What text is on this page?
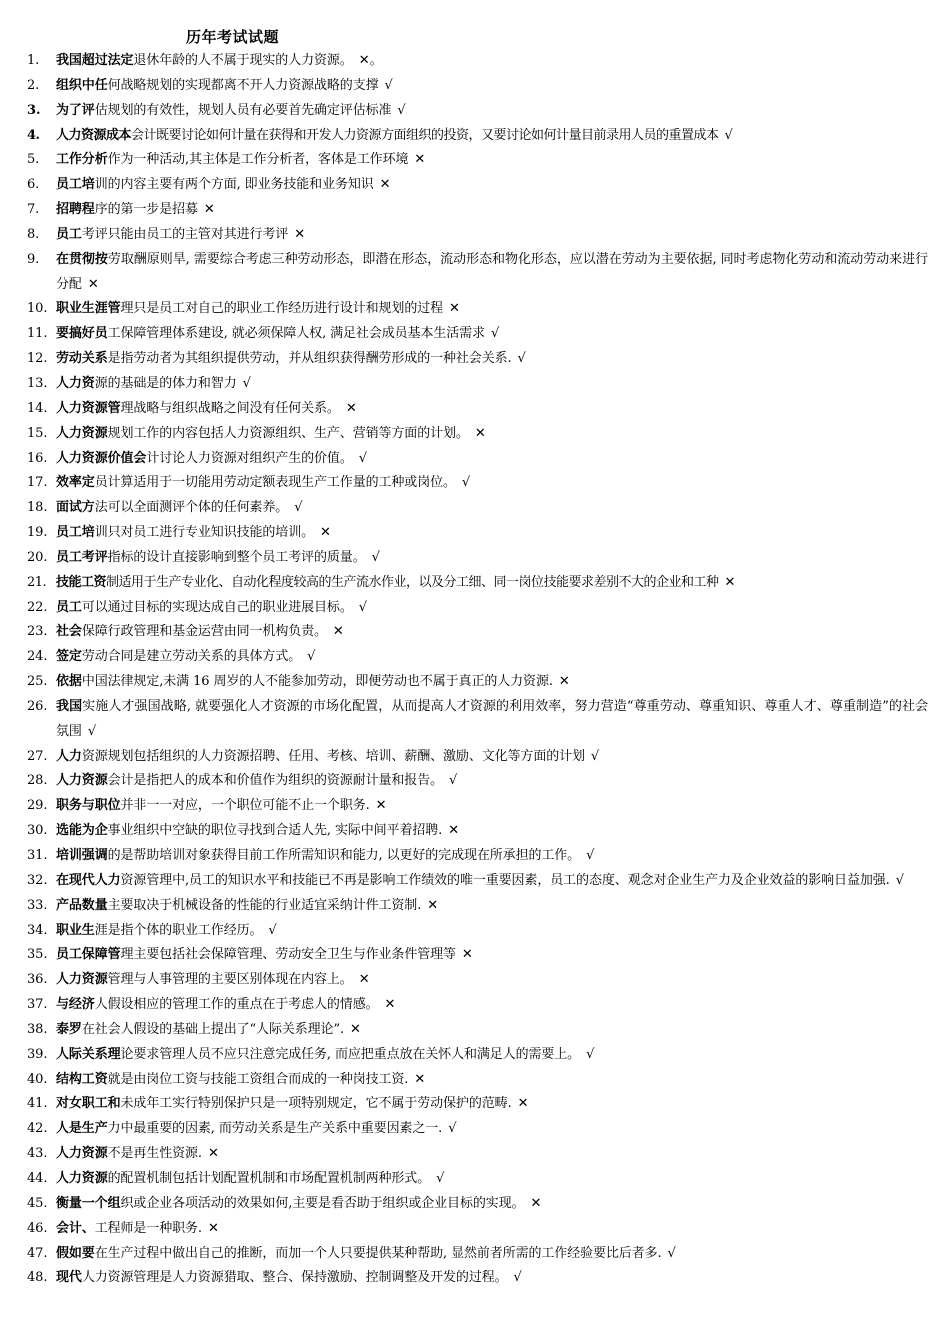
历年考试试题
1. 我国超过法定退休年龄的人不属于现实的人力资源。 ✕。
2. 组织中任何战略规划的实现都离不开人力资源战略的支撑 √
3. 为了评估规划的有效性，规划人员有必要首先确定评估标准 √
4. 人力资源成本会计既要讨论如何计量在获得和开发人力资源方面组织的投资，又要讨论如何计量目前录用人员的重置成本 √
5. 工作分析作为一种活动,其主体是工作分析者，客体是工作环境 ✕
6. 员工培训的内容主要有两个方面, 即业务技能和业务知识 ✕
7. 招聘程序的第一步是招募 ✕
8. 员工考评只能由员工的主管对其进行考评 ✕
9. 在贯彻按劳取酬原则旱, 需要综合考虑三种劳动形态，即潜在形态，流动形态和物化形态，应以潜在劳动为主要依据, 同时考虑物化劳动和流动劳动来进行分配 ✕
10. 职业生涯管理只是员工对自己的职业工作经历进行设计和规划的过程 ✕
11. 要搞好员工保障管理体系建设, 就必须保障人权, 满足社会成员基本生活需求 √
12. 劳动关系是指劳动者为其组织提供劳动，并从组织获得酬劳形成的一种社会关系. √
13. 人力资源的基础是的体力和智力 √
14. 人力资源管理战略与组织战略之间没有任何关系。 ✕
15. 人力资源规划工作的内容包括人力资源组织、生产、营销等方面的计划。 ✕
16. 人力资源价值会计讨论人力资源对组织产生的价值。 √
17. 效率定员计算适用于一切能用劳动定额表现生产工作量的工种或岗位。 √
18. 面试方法可以全面测评个体的任何素养。 √
19. 员工培训只对员工进行专业知识技能的培训。 ✕
20. 员工考评指标的设计直接影响到整个员工考评的质量。 √
21. 技能工资制适用于生产专业化、自动化程度较高的生产流水作业，以及分工细、同一岗位技能要求差别不大的企业和工种 ✕
22. 员工可以通过目标的实现达成自己的职业进展目标。 √
23. 社会保障行政管理和基金运营由同一机构负责。 ✕
24. 签定劳动合同是建立劳动关系的具体方式。 √
25. 依据中国法律规定,未满 16 周岁的人不能参加劳动，即便劳动也不属于真正的人力资源. ✕
26. 我国实施人才强国战略, 就要强化人才资源的市场化配置，从而提高人才资源的利用效率，努力营造“尊重劳动、尊重知识、尊重人才、尊重制造”的社会氛围 √
27. 人力资源规划包括组织的人力资源招聘、任用、考核、培训、薪酬、激励、文化等方面的计划 √
28. 人力资源会计是指把人的成本和价值作为组织的资源耐计量和报告。 √
29. 职务与职位并非一一对应，一个职位可能不止一个职务. ✕
30. 选能为企事业组织中空缺的职位寻找到合适人先, 实际中间平着招聘. ✕
31. 培训强调的是帮助培训对象获得目前工作所需知识和能力, 以更好的完成现在所承担的工作。 √
32. 在现代人力资源管理中,员工的知识水平和技能已不再是影响工作绩效的唯一重要因素，员工的态度、观念对企业生产力及企业效益的影响日益加强. √
33. 产品数量主要取决于机械设备的性能的行业适宜采纳计件工资制. ✕
34. 职业生涯是指个体的职业工作经历。 √
35. 员工保障管理主要包括社会保障管理、劳动安全卫生与作业条件管理等 ✕
36. 人力资源管理与人事管理的主要区别体现在内容上。 ✕
37. 与经济人假设相应的管理工作的重点在于考虑人的情感。 ✕
38. 泰罗在社会人假设的基础上提出了“人际关系理论”. ✕
39. 人际关系理论要求管理人员不应只注意完成任务, 而应把重点放在关怀人和满足人的需要上。 √
40. 结构工资就是由岗位工资与技能工资组合而成的一种岗技工资. ✕
41. 对女职工和未成年工实行特别保护只是一项特别规定，它不属于劳动保护的范畴. ✕
42. 人是生产力中最重要的因素, 而劳动关系是生产关系中重要因素之一. √
43. 人力资源不是再生性资源. ✕
44. 人力资源的配置机制包括计划配置机制和市场配置机制两种形式。 √
45. 衡量一个组织或企业各项活动的效果如何,主要是看否助于组织或企业目标的实现。 ✕
46. 会计、工程师是一种职务. ✕
47. 假如要在生产过程中做出自己的推断，而加一个人只要提供某种帮助, 显然前者所需的工作经验要比后者多. √
48. 现代人力资源管理是人力资源猎取、整合、保持激励、控制调整及开发的过程。 √
